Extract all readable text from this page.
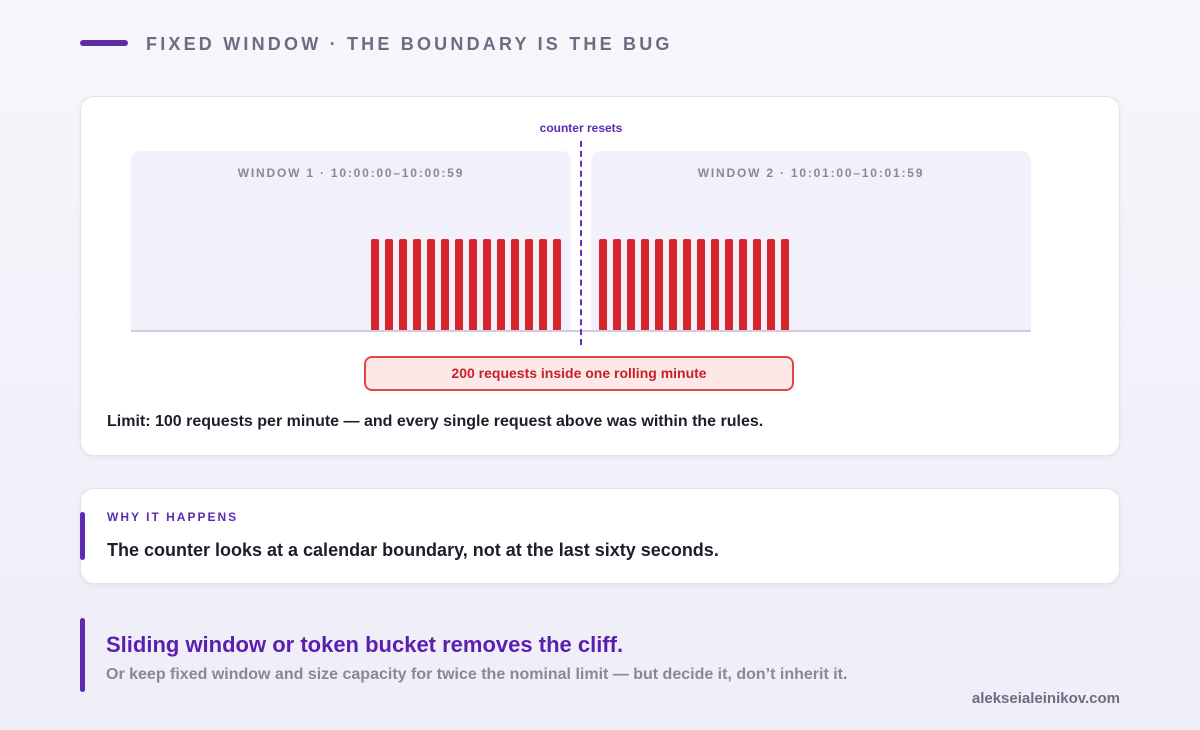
FIXED WINDOW · THE BOUNDARY IS THE BUG
WINDOW 1 · 10:00:00–10:00:59	WINDOW 2 · 10:01:00–10:01:59
counter resets
200 requests inside one rolling minute
Limit: 100 requests per minute — and every single request above was within the rules.
WHY IT HAPPENS
The counter looks at a calendar boundary, not at the last sixty seconds.
Sliding window or token bucket removes the cliff.
Or keep fixed window and size capacity for twice the nominal limit — but decide it, don’t inherit it.
alekseialeinikov.com
